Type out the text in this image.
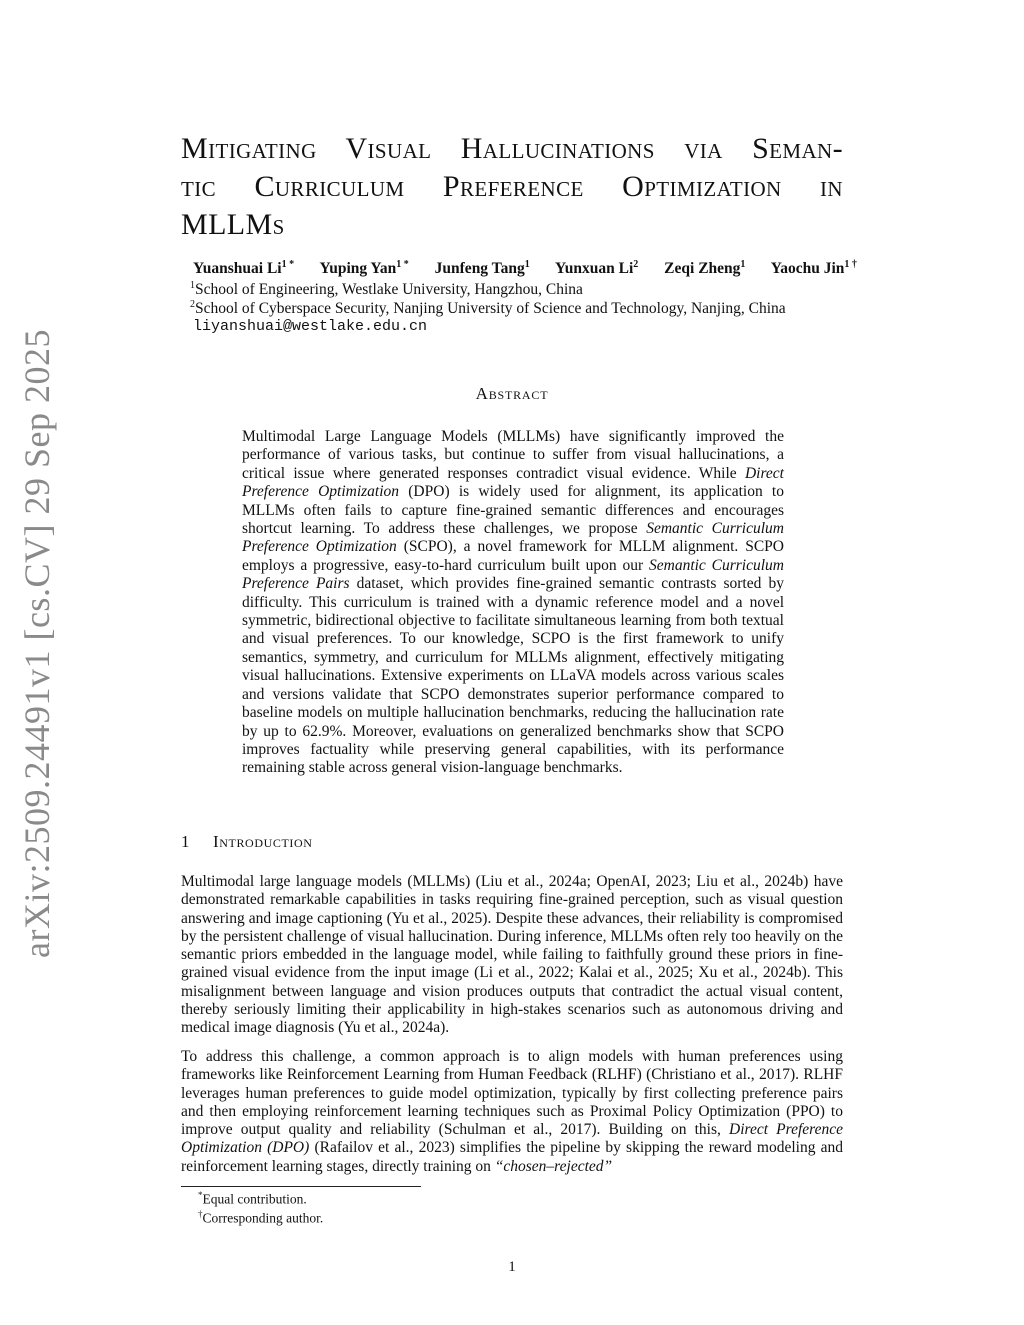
arXiv:2509.24491v1 [cs.CV] 29 Sep 2025
Mitigating Visual Hallucinations via Seman-
tic Curriculum Preference Optimization in
MLLMs
Yuanshuai $Li^{1 *}$ Yuping Yan$^{1 *}$ Junfeng Tang$^1$ Yunxuan Li$^2$ Zeqi Zheng$^1$ Yaochu Jin$^{1 \dagger}$
$^1$School of Engineering, Westlake University, Hangzhou, China
$^2$School of Cyberspace Security, Nanjing University of Science and Technology, Nanjing, China
liyanshuai@westlake.edu.cn
Abstract
Multimodal Large Language Models (MLLMs) have significantly improved the performance of various tasks, but continue to suffer from visual hallucinations, a critical issue where generated responses contradict visual evidence. While Direct Preference Optimization (DPO) is widely used for alignment, its application to MLLMs often fails to capture fine-grained semantic differences and encourages shortcut learning. To address these challenges, we propose Semantic Curriculum Preference Optimization (SCPO), a novel framework for MLLM alignment. SCPO employs a progressive, easy-to-hard curriculum built upon our Semantic Curriculum Preference Pairs dataset, which provides fine-grained semantic contrasts sorted by difficulty. This curriculum is trained with a dynamic reference model and a novel symmetric, bidirectional objective to facilitate simultaneous learning from both textual and visual preferences. To our knowledge, SCPO is the first framework to unify semantics, symmetry, and curriculum for MLLMs alignment, effectively mitigating visual hallucinations. Extensive experiments on LLaVA models across various scales and versions validate that SCPO demonstrates superior performance compared to baseline models on multiple hallucination benchmarks, reducing the hallucination rate by up to 62.9%. Moreover, evaluations on generalized benchmarks show that SCPO improves factuality while preserving general capabilities, with its performance remaining stable across general vision-language benchmarks.
1 Introduction
Multimodal large language models (MLLMs) (Liu et al., 2024a; OpenAI, 2023; Liu et al., 2024b) have demonstrated remarkable capabilities in tasks requiring fine-grained perception, such as visual question answering and image captioning (Yu et al., 2025). Despite these advances, their reliability is compromised by the persistent challenge of visual hallucination. During inference, MLLMs often rely too heavily on the semantic priors embedded in the language model, while failing to faithfully ground these priors in fine-grained visual evidence from the input image (Li et al., 2022; Kalai et al., 2025; Xu et al., 2024b). This misalignment between language and vision produces outputs that contradict the actual visual content, thereby seriously limiting their applicability in high-stakes scenarios such as autonomous driving and medical image diagnosis (Yu et al., 2024a).
To address this challenge, a common approach is to align models with human preferences using frameworks like Reinforcement Learning from Human Feedback (RLHF) (Christiano et al., 2017). RLHF leverages human preferences to guide model optimization, typically by first collecting preference pairs and then employing reinforcement learning techniques such as Proximal Policy Optimization (PPO) to improve output quality and reliability (Schulman et al., 2017). Building on this, Direct Preference Optimization (DPO) (Rafailov et al., 2023) simplifies the pipeline by skipping the reward modeling and reinforcement learning stages, directly training on “chosen–rejected”
*Equal contribution.
†Corresponding author.
1
